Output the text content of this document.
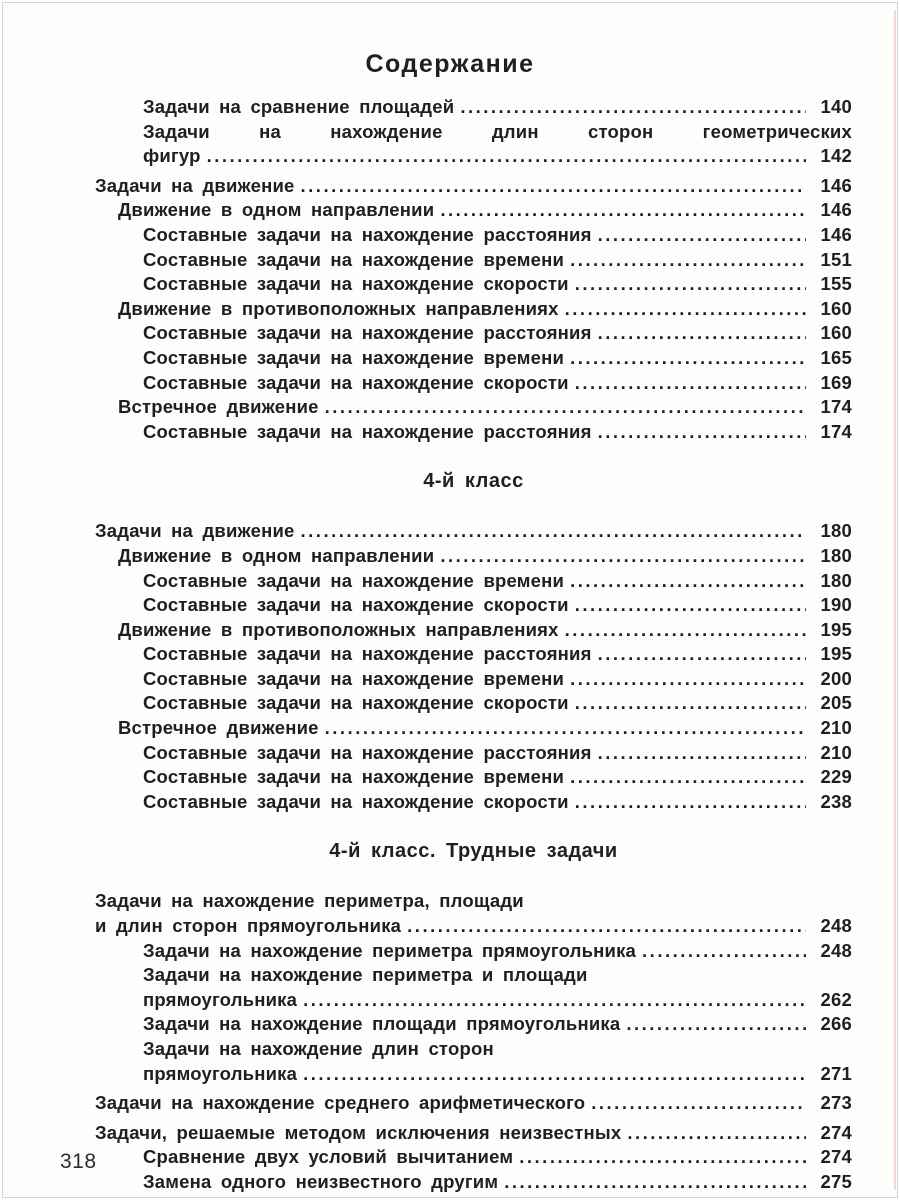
Содержание
Задачи на сравнение площадей .....	140
Задачи на нахождение длин сторон геометрических
фигур .....	142
Задачи на движение .....	146
Движение в одном направлении .....	146
Составные задачи на нахождение расстояния .....	146
Составные задачи на нахождение времени .....	151
Составные задачи на нахождение скорости .....	155
Движение в противоположных направлениях .....	160
Составные задачи на нахождение расстояния .....	160
Составные задачи на нахождение времени .....	165
Составные задачи на нахождение скорости .....	169
Встречное движение .....	174
Составные задачи на нахождение расстояния .....	174
4-й класс
Задачи на движение .....	180
Движение в одном направлении .....	180
Составные задачи на нахождение времени .....	180
Составные задачи на нахождение скорости .....	190
Движение в противоположных направлениях .....	195
Составные задачи на нахождение расстояния .....	195
Составные задачи на нахождение времени .....	200
Составные задачи на нахождение скорости .....	205
Встречное движение .....	210
Составные задачи на нахождение расстояния .....	210
Составные задачи на нахождение времени .....	229
Составные задачи на нахождение скорости .....	238
4-й класс. Трудные задачи
Задачи на нахождение периметра, площади
и длин сторон прямоугольника .....	248
Задачи на нахождение периметра прямоугольника .....	248
Задачи на нахождение периметра и площади
прямоугольника .....	262
Задачи на нахождение площади прямоугольника .....	266
Задачи на нахождение длин сторон
прямоугольника .....	271
Задачи на нахождение среднего арифметического .....	273
Задачи, решаемые методом исключения неизвестных .....	274
Сравнение двух условий вычитанием .....	274
Замена одного неизвестного другим .....	275
318
